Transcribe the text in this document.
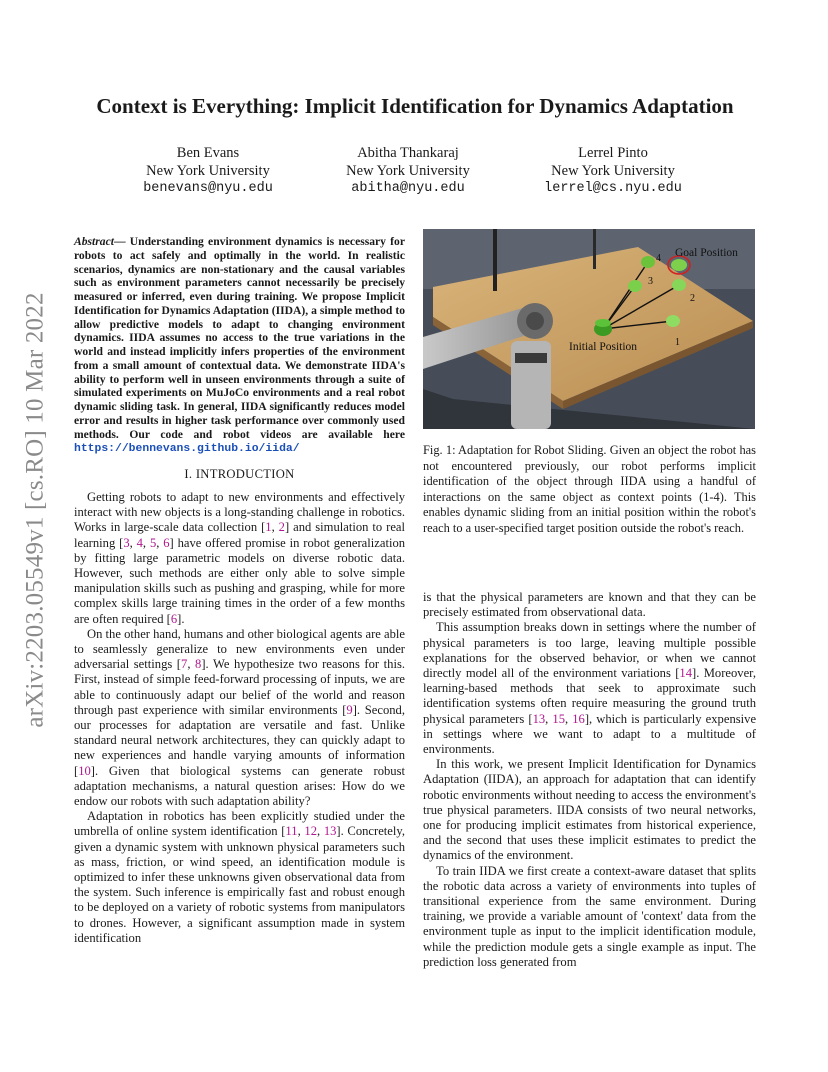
arXiv:2203.05549v1 [cs.RO] 10 Mar 2022
Context is Everything: Implicit Identification for Dynamics Adaptation
Ben Evans
New York University
benevans@nyu.edu
Abitha Thankaraj
New York University
abitha@nyu.edu
Lerrel Pinto
New York University
lerrel@cs.nyu.edu
Abstract— Understanding environment dynamics is necessary for robots to act safely and optimally in the world. In realistic scenarios, dynamics are non-stationary and the causal variables such as environment parameters cannot necessarily be precisely measured or inferred, even during training. We propose Implicit Identification for Dynamics Adaptation (IIDA), a simple method to allow predictive models to adapt to changing environment dynamics. IIDA assumes no access to the true variations in the world and instead implicitly infers properties of the environment from a small amount of contextual data. We demonstrate IIDA's ability to perform well in unseen environments through a suite of simulated experiments on MuJoCo environments and a real robot dynamic sliding task. In general, IIDA significantly reduces model error and results in higher task performance over commonly used methods. Our code and robot videos are available here https://bennevans.github.io/iida/
I. INTRODUCTION

Getting robots to adapt to new environments and effectively interact with new objects is a long-standing challenge in robotics. Works in large-scale data collection [1, 2] and simulation to real learning [3, 4, 5, 6] have offered promise in robot generalization by fitting large parametric models on diverse robotic data. However, such methods are either only able to solve simple manipulation skills such as pushing and grasping, while for more complex skills large training times in the order of a few months are often required [6].

On the other hand, humans and other biological agents are able to seamlessly generalize to new environments even under adversarial settings [7, 8]. We hypothesize two reasons for this. First, instead of simple feed-forward processing of inputs, we are able to continuously adapt our belief of the world and reason through past experience with similar environments [9]. Second, our processes for adaptation are versatile and fast. Unlike standard neural network architectures, they can quickly adapt to new experiences and handle varying amounts of information [10]. Given that biological systems can generate robust adaptation mechanisms, a natural question arises: How do we endow our robots with such adaptation ability?

Adaptation in robotics has been explicitly studied under the umbrella of online system identification [11, 12, 13]. Concretely, given a dynamic system with unknown physical parameters such as mass, friction, or wind speed, an identification module is optimized to infer these unknowns given observational data from the system. Such inference is empirically fast and robust enough to be deployed on a variety of robotic systems from manipulators to drones. However, a significant assumption made in system identification

Goal Position
Initial Position
4
3
2
1
Fig. 1: Adaptation for Robot Sliding. Given an object the robot has not encountered previously, our robot performs implicit identification of the object through IIDA using a handful of interactions on the same object as context points (1-4). This enables dynamic sliding from an initial position within the robot's reach to a user-specified target position outside the robot's reach.

is that the physical parameters are known and that they can be precisely estimated from observational data.

This assumption breaks down in settings where the number of physical parameters is too large, leaving multiple possible explanations for the observed behavior, or when we cannot directly model all of the environment variations [14]. Moreover, learning-based methods that seek to approximate such identification systems often require measuring the ground truth physical parameters [13, 15, 16], which is particularly expensive in settings where we want to adapt to a multitude of environments.

In this work, we present Implicit Identification for Dynamics Adaptation (IIDA), an approach for adaptation that can identify robotic environments without needing to access the environment's true physical parameters. IIDA consists of two neural networks, one for producing implicit estimates from historical experience, and the second that uses these implicit estimates to predict the dynamics of the environment.

To train IIDA we first create a context-aware dataset that splits the robotic data across a variety of environments into tuples of transitional experience from the same environment. During training, we provide a variable amount of 'context' data from the environment tuple as input to the implicit identification module, while the prediction module gets a single example as input. The prediction loss generated from
